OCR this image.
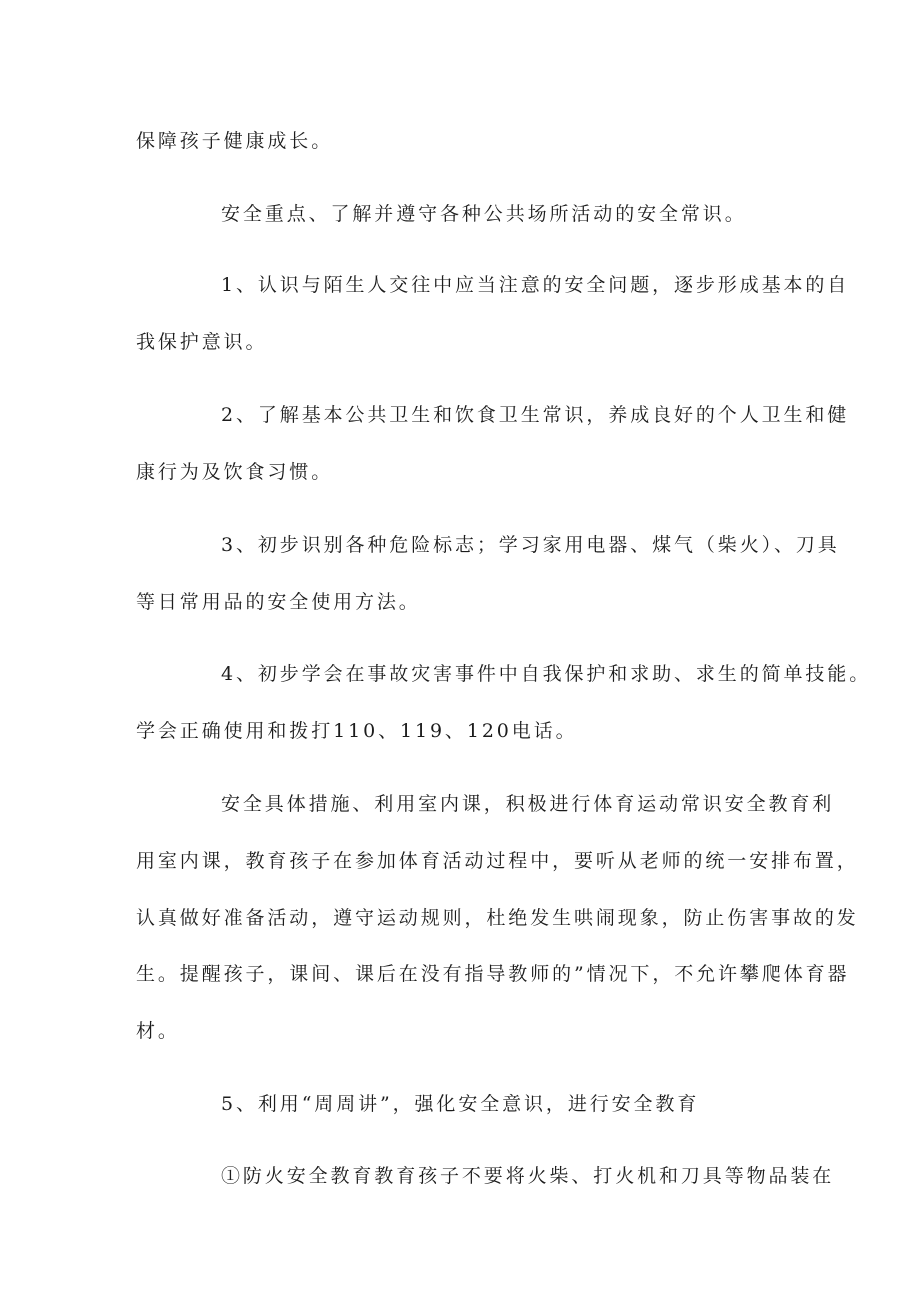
保障孩子健康成长。

安全重点、了解并遵守各种公共场所活动的安全常识。

1、认识与陌生人交往中应当注意的安全问题，逐步形成基本的自

我保护意识。

2、了解基本公共卫生和饮食卫生常识，养成良好的个人卫生和健

康行为及饮食习惯。

3、初步识别各种危险标志；学习家用电器、煤气（柴火）、刀具

等日常用品的安全使用方法。

4、初步学会在事故灾害事件中自我保护和求助、求生的简单技能。

学会正确使用和拨打110、119、120电话。

安全具体措施、利用室内课，积极进行体育运动常识安全教育利

用室内课，教育孩子在参加体育活动过程中，要听从老师的统一安排布置，

认真做好准备活动，遵守运动规则，杜绝发生哄闹现象，防止伤害事故的发

生。提醒孩子，课间、课后在没有指导教师的”情况下，不允许攀爬体育器

材。

5、利用“周周讲”，强化安全意识，进行安全教育

①防火安全教育教育孩子不要将火柴、打火机和刀具等物品装在
